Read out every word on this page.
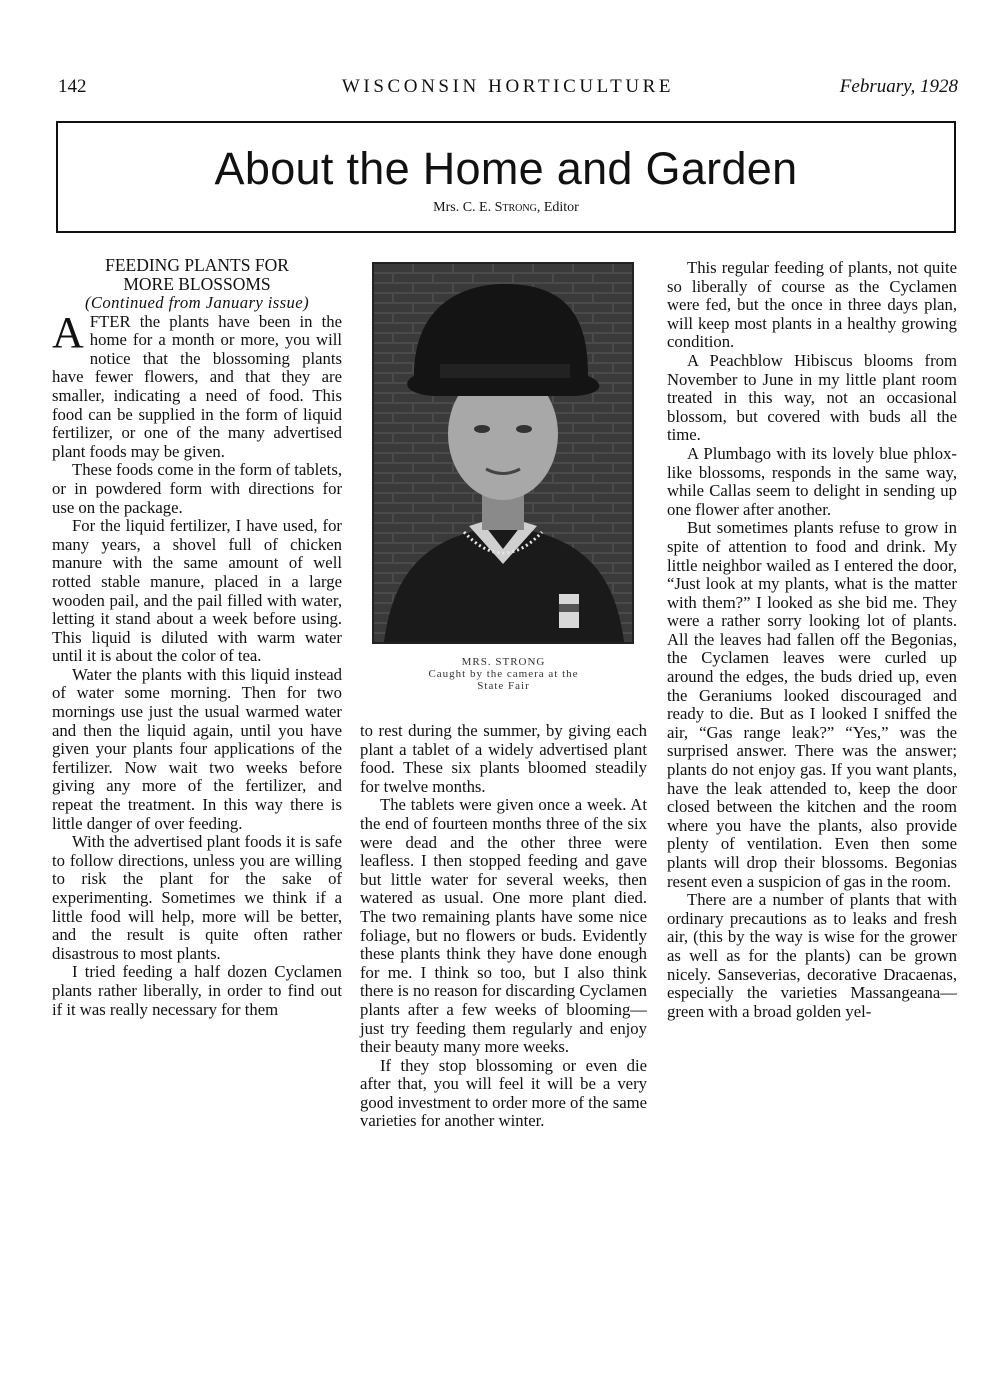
142	WISCONSIN HORTICULTURE	February, 1928
About the Home and Garden
Mrs. C. E. Strong, Editor

FEEDING PLANTS FOR

MORE BLOSSOMS

(Continued from January issue)

AFTER the plants have been in the home for a month or more, you will notice that the blossoming plants have fewer flowers, and that they are smaller, indicating a need of food. This food can be supplied in the form of liquid fertilizer, or one of the many advertised plant foods may be given.

These foods come in the form of tablets, or in powdered form with directions for use on the package.

For the liquid fertilizer, I have used, for many years, a shovel full of chicken manure with the same amount of well rotted stable manure, placed in a large wooden pail, and the pail filled with water, letting it stand about a week before using. This liquid is diluted with warm water until it is about the color of tea.

Water the plants with this liquid instead of water some morning. Then for two mornings use just the usual warmed water and then the liquid again, until you have given your plants four applications of the fertilizer. Now wait two weeks before giving any more of the fertilizer, and repeat the treatment. In this way there is little danger of over feeding.

With the advertised plant foods it is safe to follow directions, unless you are willing to risk the plant for the sake of experimenting. Sometimes we think if a little food will help, more will be better, and the result is quite often rather disastrous to most plants.

I tried feeding a half dozen Cyclamen plants rather liberally, in order to find out if it was really necessary for them

MRS. STRONG
Caught by the camera at the
State Fair

to rest during the summer, by giving each plant a tablet of a widely advertised plant food. These six plants bloomed steadily for twelve months.

The tablets were given once a week. At the end of fourteen months three of the six were dead and the other three were leafless. I then stopped feeding and gave but little water for several weeks, then watered as usual. One more plant died. The two remaining plants have some nice foliage, but no flowers or buds. Evidently these plants think they have done enough for me. I think so too, but I also think there is no reason for discarding Cyclamen plants after a few weeks of blooming—just try feeding them regularly and enjoy their beauty many more weeks.

If they stop blossoming or even die after that, you will feel it will be a very good investment to order more of the same varieties for another winter.

This regular feeding of plants, not quite so liberally of course as the Cyclamen were fed, but the once in three days plan, will keep most plants in a healthy growing condition.

A Peachblow Hibiscus blooms from November to June in my little plant room treated in this way, not an occasional blossom, but covered with buds all the time.

A Plumbago with its lovely blue phlox-like blossoms, responds in the same way, while Callas seem to delight in sending up one flower after another.

But sometimes plants refuse to grow in spite of attention to food and drink. My little neighbor wailed as I entered the door, “Just look at my plants, what is the matter with them?” I looked as she bid me. They were a rather sorry looking lot of plants. All the leaves had fallen off the Begonias, the Cyclamen leaves were curled up around the edges, the buds dried up, even the Geraniums looked discouraged and ready to die. But as I looked I sniffed the air, “Gas range leak?” “Yes,” was the surprised answer. There was the answer; plants do not enjoy gas. If you want plants, have the leak attended to, keep the door closed between the kitchen and the room where you have the plants, also provide plenty of ventilation. Even then some plants will drop their blossoms. Begonias resent even a suspicion of gas in the room.

There are a number of plants that with ordinary precautions as to leaks and fresh air, (this by the way is wise for the grower as well as for the plants) can be grown nicely. Sanseverias, decorative Dracaenas, especially the varieties Massangeana—green with a broad golden yel-
